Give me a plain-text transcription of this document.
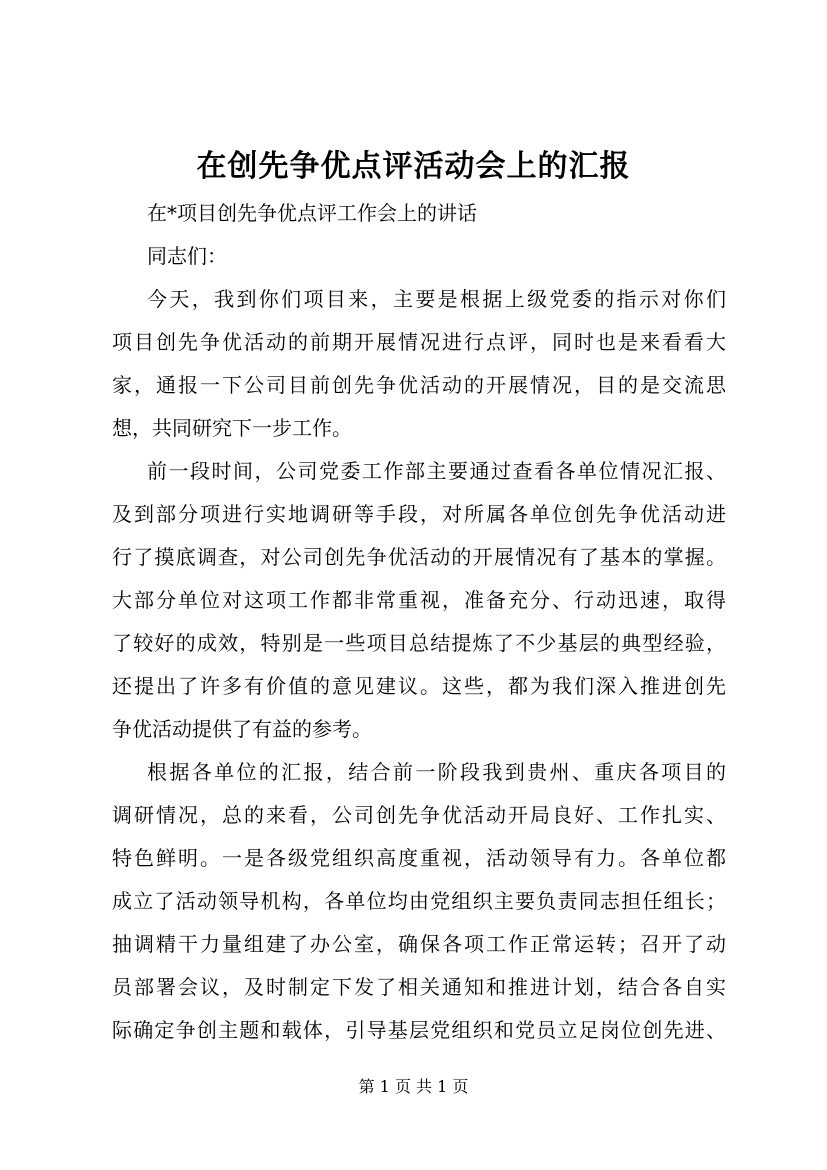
在创先争优点评活动会上的汇报
在*项目创先争优点评工作会上的讲话
同志们：
今天，我到你们项目来，主要是根据上级党委的指示对你们
项目创先争优活动的前期开展情况进行点评，同时也是来看看大
家，通报一下公司目前创先争优活动的开展情况，目的是交流思
想，共同研究下一步工作。
前一段时间，公司党委工作部主要通过查看各单位情况汇报、
及到部分项进行实地调研等手段，对所属各单位创先争优活动进
行了摸底调查，对公司创先争优活动的开展情况有了基本的掌握。
大部分单位对这项工作都非常重视，准备充分、行动迅速，取得
了较好的成效，特别是一些项目总结提炼了不少基层的典型经验，
还提出了许多有价值的意见建议。这些，都为我们深入推进创先
争优活动提供了有益的参考。
根据各单位的汇报，结合前一阶段我到贵州、重庆各项目的
调研情况，总的来看，公司创先争优活动开局良好、工作扎实、
特色鲜明。一是各级党组织高度重视，活动领导有力。各单位都
成立了活动领导机构，各单位均由党组织主要负责同志担任组长；
抽调精干力量组建了办公室，确保各项工作正常运转；召开了动
员部署会议，及时制定下发了相关通知和推进计划，结合各自实
际确定争创主题和载体，引导基层党组织和党员立足岗位创先进、
第 1 页 共 1 页
